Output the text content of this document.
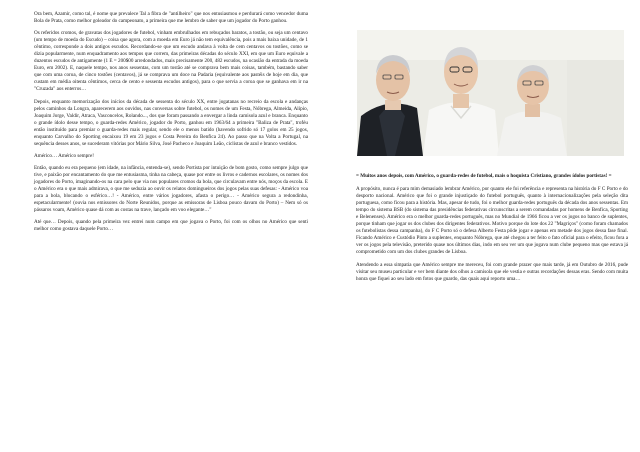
Ora bem, Azamir, como tal, é nome que prevalece Tal a fibra de "antilheiro" que nos entusiasmou e perdurará como vencedor duma Bola de Prata, como melhor goleador do campeonato, a primeira que me lembro de saber que um jogador do Porto ganhou.

Os referidos cromos, de gravatas dos jogadores de futebol, vinham embrulhados em rebuçados baratos, a tostão, ou seja um centavo (um tempo de moeda do Escudo) – coisa que agora, com a moeda em Euro já não tem equivalência, pois a mais baixa unidade, de 1 cêntimo, corresponde a dois antigos escudos. Recordando-se que um escudo andava à volta de cem centavos ou tostões, como se dizia popularmente, num enquadramento aos tempos que correm, das primeiras décadas do século XXI, em que um Euro equivale a duzentos escudos de antigamente (1 E = 200$00 arredondados, mais precisamente 200, 482 escudos, na ocasião da entrada da moeda Euro, em 2002). E, naquele tempo, nos anos sessentas, com um tostão até se comprava bem mais coisas, também, bastando saber que com uma coroa, de cinco tostões (centavos), já se comprava um doce na Padaria (equivalente aos pastéis de hoje em dia, que custam em média oitenta cêntimos, cerca de cento e sessenta escudos antigos), para o que servia a coroa que se ganhava em ir na "Cruzada" aos enterros…

Depois, enquanto memorização dos inícios da década de sessenta do século XX, entre jogatanas no recreio da escola e andanças pelos caminhos da Longra, aparecerem aos ouvidos, nas conversas sobre futebol, os nomes de um Festa, Nóbrega, Almeida, Alípio, Joaquim Jorge, Valdir, Atraca, Vasconcelos, Rolando..., dos que foram passando a envergar a linda camisola azul e branca. Enquanto o grande ídolo desse tempo, o guarda-redes Américo, jogador do Porto, ganhou em 1963/64 a primeira "Baliza de Prata", troféu então instituído para premiar o guarda-redes mais regular, sendo ele o menos batido (havendo sofrido só 17 golos em 25 jogos, enquanto Carvalho do Sporting encaixou 19 em 23 jogos e Costa Pereira do Benfica 24). Ao passo que na Volta a Portugal, na sequência desses anos, se sucederam vitórias por Mário Silva, José Pacheco e Joaquim Leão, ciclistas de azul e branco vestidos.

Américo… Américo sempre!

Então, quando eu era pequeno (em idade, na infância, entenda-se), sendo Portista por intuição de bom gosto, como sempre julgo que tive, e paixão por encantamento do que me entusiasma, tinha na cabeça, quase por entre os livros e cadernos escolares, os nomes dos jogadores do Porto, imaginando-os na cara pelo que via nos populares cromos da bola, que circulavam entre nós, moços da escola. E o Américo era o que mais admirava, o que me seduzia ao ouvir os relatos domingueiros dos jogos pelas suas defesas: - Américo voa para a bola, blocando o esférico…! - Américo, entre vários jogadores, afasta o perigo… - Américo segura a redondinha, espetacularmente! (ouvia nos emissores do Norte Reunidos, porque as emissoras de Lisboa pouco davam do Porto) – Nem só os pássaros voam, Américo quase dá com as costas na trave, lançado em voo elegante…"

Até que… Depois, quando pela primeira vez entrei num campo em que jogava o Porto, foi com os olhos no Américo que senti melhor como gostava daquele Porto…

= Muitos anos depois, com Américo, o guarda-redes de futebol, mais o hoquista Cristiano, grandes ídolos portistas! =

A propósito, nunca é para mim demasiado lembrar Américo, por quanto ele foi referência e representa na história do F C Porto e do desporto nacional. Américo que foi o grande injustiçado do futebol português, quanto à internacionalizações pela seleção dita portuguesa, como ficou para a história. Mas, apesar de tudo, foi o melhor guarda-redes português da década dos anos sessentas. Em tempo do sistema BSB (do sistema das presidências federativas circunscritas a serem comandadas por homens de Benfica, Sporting e Belenenses). Américo era o melhor guarda-redes português, mas no Mundial de 1966 ficou a ver os jogos no banco de suplentes, porque tinham que jogar os dos clubes dos dirigentes federativos. Motivo porque do lote dos 22 "Magriços" (como foram chamados os futebolistas dessa campanha), do F C Porto só o defesa Alberto Festa pôde jogar e apenas em metade dos jogos dessa fase final. Ficando Américo e Custódio Pinto a suplentes, enquanto Nóbrega, que até chegou a ter feito o fato oficial para o efeito, ficou fora a ver os jogos pela televisão, preterido quase nos últimos dias, indo em seu ver um que jogava num clube pequeno mas que estava já comprometido com um dos clubes grandes de Lisboa.

Atendendo a essa simpatia que Américo sempre me mereceu, foi com grande prazer que mais tarde, já em Outubro de 2016, pude visitar seu museu particular e ver bem diante dos olhos a camisola que ele vestia e outras recordações dessas eras. Sendo com muita honra que fiquei ao seu lado em fotos que guardo, das quais aqui reporto uma…
